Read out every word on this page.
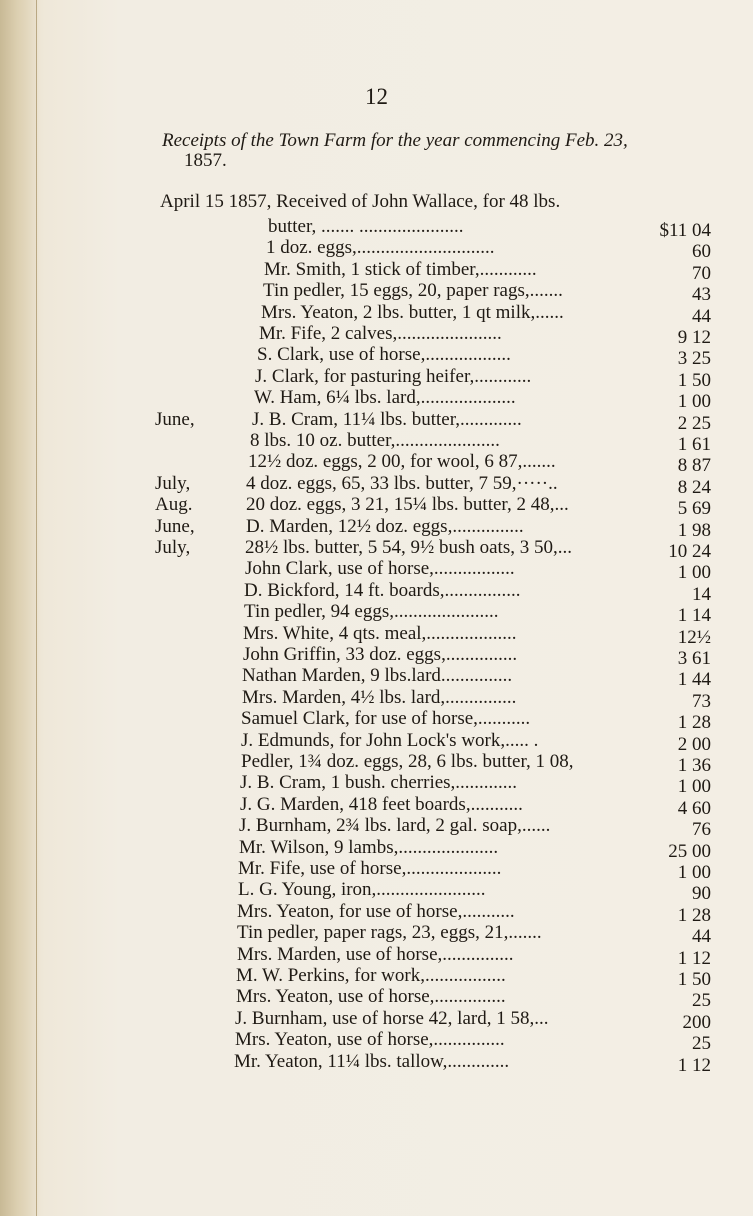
12
Receipts of the Town Farm for the year commencing Feb. 23,
1857.
April 15 1857, Received of John Wallace, for 48 lbs.
butter, ....... ......................	$11 04
1 doz. eggs,.............................	60
Mr. Smith, 1 stick of timber,............	70
Tin pedler, 15 eggs, 20, paper rags,.......	43
Mrs. Yeaton, 2 lbs. butter, 1 qt milk,......	44
Mr. Fife, 2 calves,......................	9 12
S. Clark, use of horse,..................	3 25
J. Clark, for pasturing heifer,............	1 50
W. Ham, 6¼ lbs. lard,....................	1 00
June,	J. B. Cram, 11¼ lbs. butter,.............	2 25
8 lbs. 10 oz. butter,......................	1 61
12½ doz. eggs, 2 00, for wool, 6 87,.......	8 87
July,	4 doz. eggs, 65, 33 lbs. butter, 7 59,·····..	8 24
Aug.	20 doz. eggs, 3 21, 15¼ lbs. butter, 2 48,...	5 69
June,	D. Marden, 12½ doz. eggs,...............	1 98
July,	28½ lbs. butter, 5 54, 9½ bush oats, 3 50,...	10 24
John Clark, use of horse,.................	1 00
D. Bickford, 14 ft. boards,................	14
Tin pedler, 94 eggs,......................	1 14
Mrs. White, 4 qts. meal,...................	12½
John Griffin, 33 doz. eggs,...............	3 61
Nathan Marden, 9 lbs.lard...............	1 44
Mrs. Marden, 4½ lbs. lard,...............	73
Samuel Clark, for use of horse,...........	1 28
J. Edmunds, for John Lock's work,..... .	2 00
Pedler, 1¾ doz. eggs, 28, 6 lbs. butter, 1 08,	1 36
J. B. Cram, 1 bush. cherries,.............	1 00
J. G. Marden, 418 feet boards,...........	4 60
J. Burnham, 2¾ lbs. lard, 2 gal. soap,......	76
Mr. Wilson, 9 lambs,.....................	25 00
Mr. Fife, use of horse,....................	1 00
L. G. Young, iron,.......................	90
Mrs. Yeaton, for use of horse,...........	1 28
Tin pedler, paper rags, 23, eggs, 21,.......	44
Mrs. Marden, use of horse,...............	1 12
M. W. Perkins, for work,.................	1 50
Mrs. Yeaton, use of horse,...............	25
J. Burnham, use of horse 42, lard, 1 58,...	200
Mrs. Yeaton, use of horse,...............	25
Mr. Yeaton, 11¼ lbs. tallow,.............	1 12
